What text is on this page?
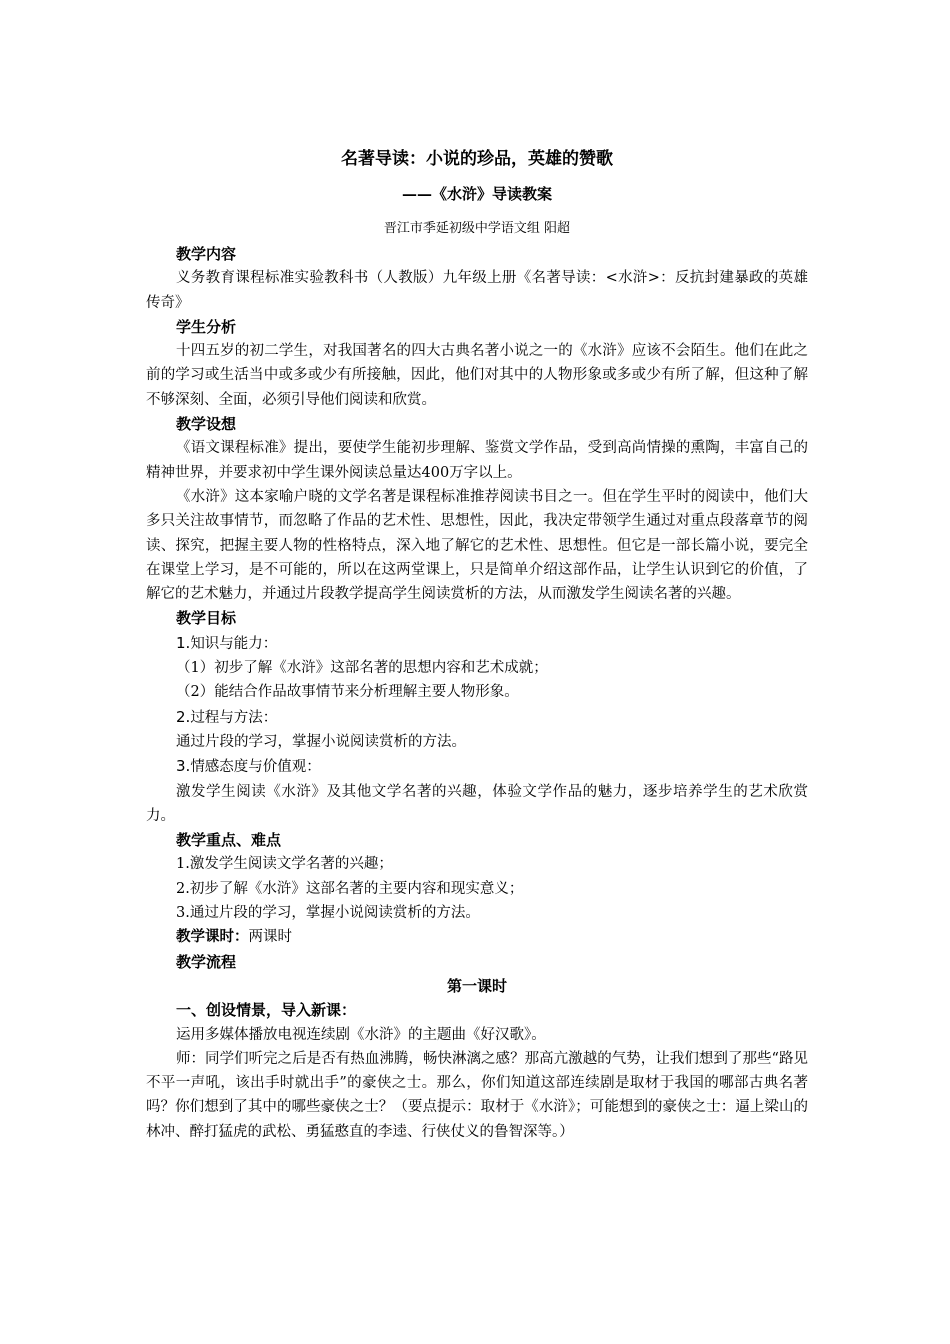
名著导读：小说的珍品，英雄的赞歌
——《水浒》导读教案
晋江市季延初级中学语文组 阳超

教学内容

义务教育课程标准实验教科书（人教版）九年级上册《名著导读：<水浒>：反抗封建暴政的英雄传奇》

学生分析

十四五岁的初二学生，对我国著名的四大古典名著小说之一的《水浒》应该不会陌生。他们在此之前的学习或生活当中或多或少有所接触，因此，他们对其中的人物形象或多或少有所了解，但这种了解不够深刻、全面，必须引导他们阅读和欣赏。

教学设想

《语文课程标准》提出，要使学生能初步理解、鉴赏文学作品，受到高尚情操的熏陶，丰富自己的精神世界，并要求初中学生课外阅读总量达400万字以上。

《水浒》这本家喻户晓的文学名著是课程标准推荐阅读书目之一。但在学生平时的阅读中，他们大多只关注故事情节，而忽略了作品的艺术性、思想性，因此，我决定带领学生通过对重点段落章节的阅读、探究，把握主要人物的性格特点，深入地了解它的艺术性、思想性。但它是一部长篇小说，要完全在课堂上学习，是不可能的，所以在这两堂课上，只是简单介绍这部作品，让学生认识到它的价值，了解它的艺术魅力，并通过片段教学提高学生阅读赏析的方法，从而激发学生阅读名著的兴趣。

教学目标

1.知识与能力：

（1）初步了解《水浒》这部名著的思想内容和艺术成就；

（2）能结合作品故事情节来分析理解主要人物形象。

2.过程与方法：

通过片段的学习，掌握小说阅读赏析的方法。

3.情感态度与价值观：

激发学生阅读《水浒》及其他文学名著的兴趣，体验文学作品的魅力，逐步培养学生的艺术欣赏力。

教学重点、难点

1.激发学生阅读文学名著的兴趣；

2.初步了解《水浒》这部名著的主要内容和现实意义；

3.通过片段的学习，掌握小说阅读赏析的方法。

教学课时：两课时

教学流程

第一课时

一、创设情景，导入新课：

运用多媒体播放电视连续剧《水浒》的主题曲《好汉歌》。

师：同学们听完之后是否有热血沸腾，畅快淋漓之感？那高亢激越的气势，让我们想到了那些“路见不平一声吼，该出手时就出手”的豪侠之士。那么，你们知道这部连续剧是取材于我国的哪部古典名著吗？你们想到了其中的哪些豪侠之士？（要点提示：取材于《水浒》；可能想到的豪侠之士：逼上梁山的林冲、醉打猛虎的武松、勇猛憨直的李逵、行侠仗义的鲁智深等。）
